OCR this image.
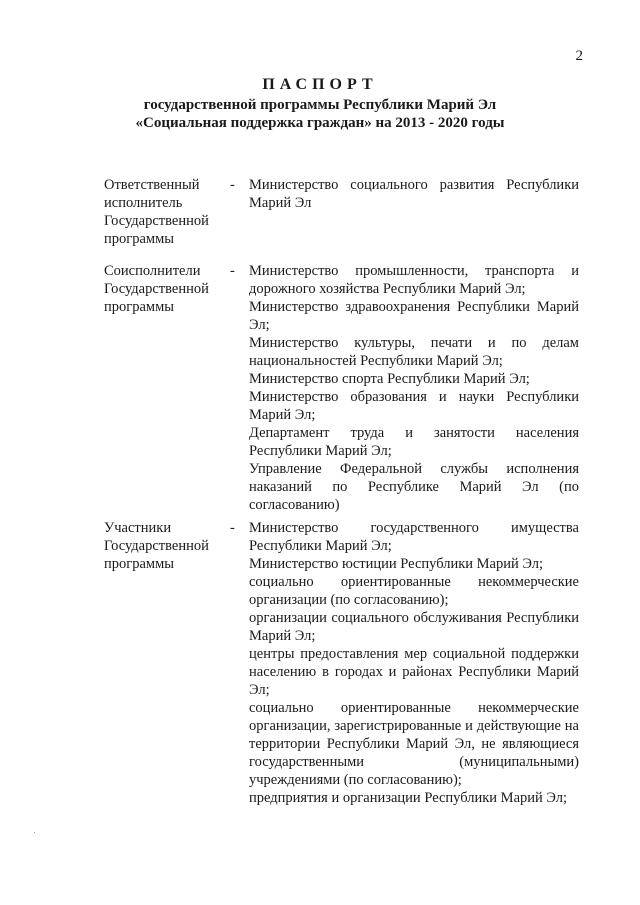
2
ПАСПОРТ
государственной программы Республики Марий Эл
«Социальная поддержка граждан» на 2013 - 2020 годы
Ответственный исполнитель Государственной программы
- Министерство социального развития Республики Марий Эл
Соисполнители Государственной программы
- Министерство промышленности, транспорта и дорожного хозяйства Республики Марий Эл;
Министерство здравоохранения Республики Марий Эл;
Министерство культуры, печати и по делам национальностей Республики Марий Эл;
Министерство спорта Республики Марий Эл;
Министерство образования и науки Республики Марий Эл;
Департамент труда и занятости населения Республики Марий Эл;
Управление Федеральной службы исполнения наказаний по Республике Марий Эл (по согласованию)
Участники Государственной программы
- Министерство государственного имущества Республики Марий Эл;
Министерство юстиции Республики Марий Эл;
социально ориентированные некоммерческие организации (по согласованию);
организации социального обслуживания Республики Марий Эл;
центры предоставления мер социальной поддержки населению в городах и районах Республики Марий Эл;
социально ориентированные некоммерческие организации, зарегистрированные и действующие на территории Республики Марий Эл, не являющиеся государственными (муниципальными) учреждениями (по согласованию);
предприятия и организации Республики Марий Эл;
